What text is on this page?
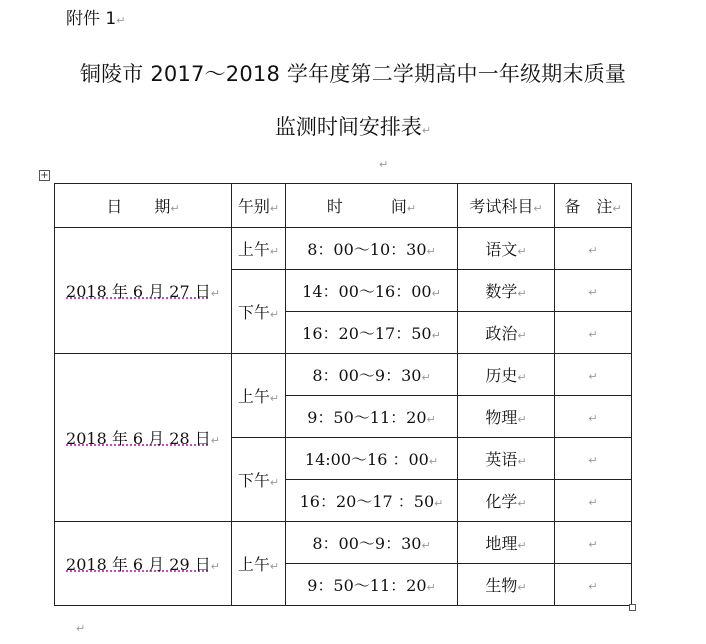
附件 1↵
铜陵市 2017～2018 学年度第二学期高中一年级期末质量
监测时间安排表↵
↵
+
日　　期↵	午别↵	时　　　间↵	考试科目↵	备　注↵
2018 年 6 月 27 日↵	上午↵	8：00～10：30↵	语文↵	↵
	下午↵	14：00～16：00↵	数学↵	↵
		16：20～17：50↵	政治↵	↵
2018 年 6 月 28 日↵	上午↵	8：00～9：30↵	历史↵	↵
		9：50～11：20↵	物理↵	↵
	下午↵	14:00～16 ：00↵	英语↵	↵
		16：20～17 ：50↵	化学↵	↵
2018 年 6 月 29 日↵	上午↵	8：00～9：30↵	地理↵	↵
		9：50～11：20↵	生物↵	↵
↵
